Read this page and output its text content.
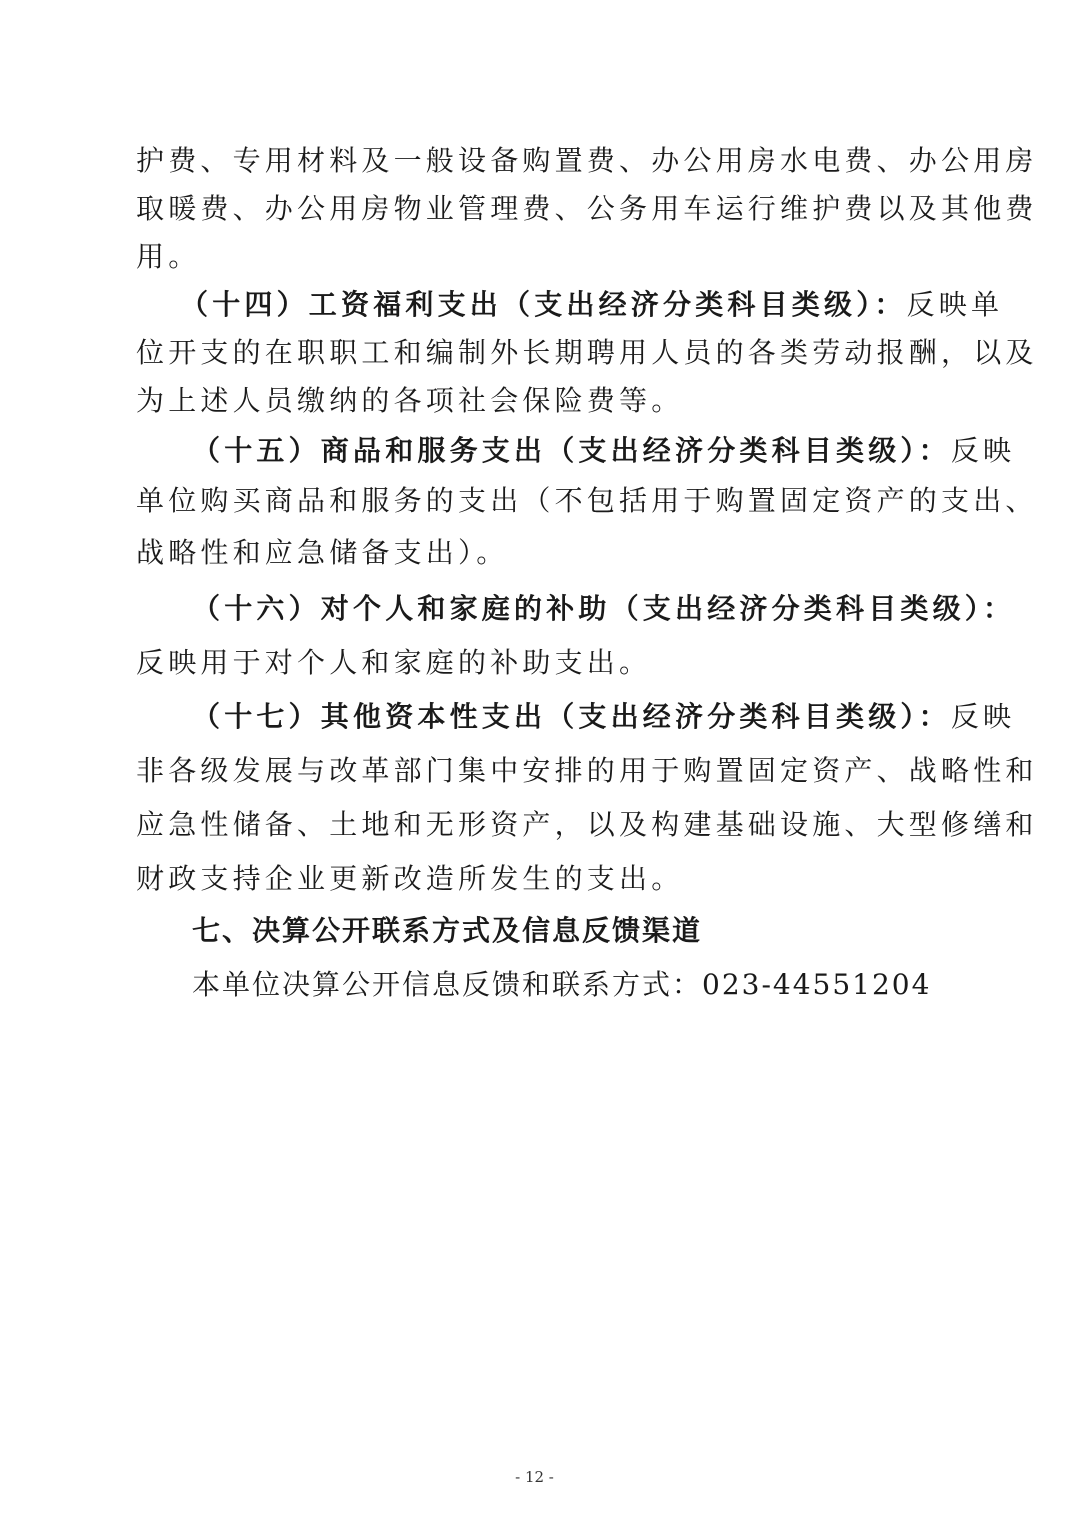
护费、专用材料及一般设备购置费、办公用房水电费、办公用房
取暖费、办公用房物业管理费、公务用车运行维护费以及其他费
用。
（十四）工资福利支出（支出经济分类科目类级）：反映单
位开支的在职职工和编制外长期聘用人员的各类劳动报酬，以及
为上述人员缴纳的各项社会保险费等。
（十五）商品和服务支出（支出经济分类科目类级）：反映
单位购买商品和服务的支出（不包括用于购置固定资产的支出、
战略性和应急储备支出）。
（十六）对个人和家庭的补助（支出经济分类科目类级）：
反映用于对个人和家庭的补助支出。
（十七）其他资本性支出（支出经济分类科目类级）：反映
非各级发展与改革部门集中安排的用于购置固定资产、战略性和
应急性储备、土地和无形资产，以及构建基础设施、大型修缮和
财政支持企业更新改造所发生的支出。
七、决算公开联系方式及信息反馈渠道
本单位决算公开信息反馈和联系方式：023-44551204
- 12 -
